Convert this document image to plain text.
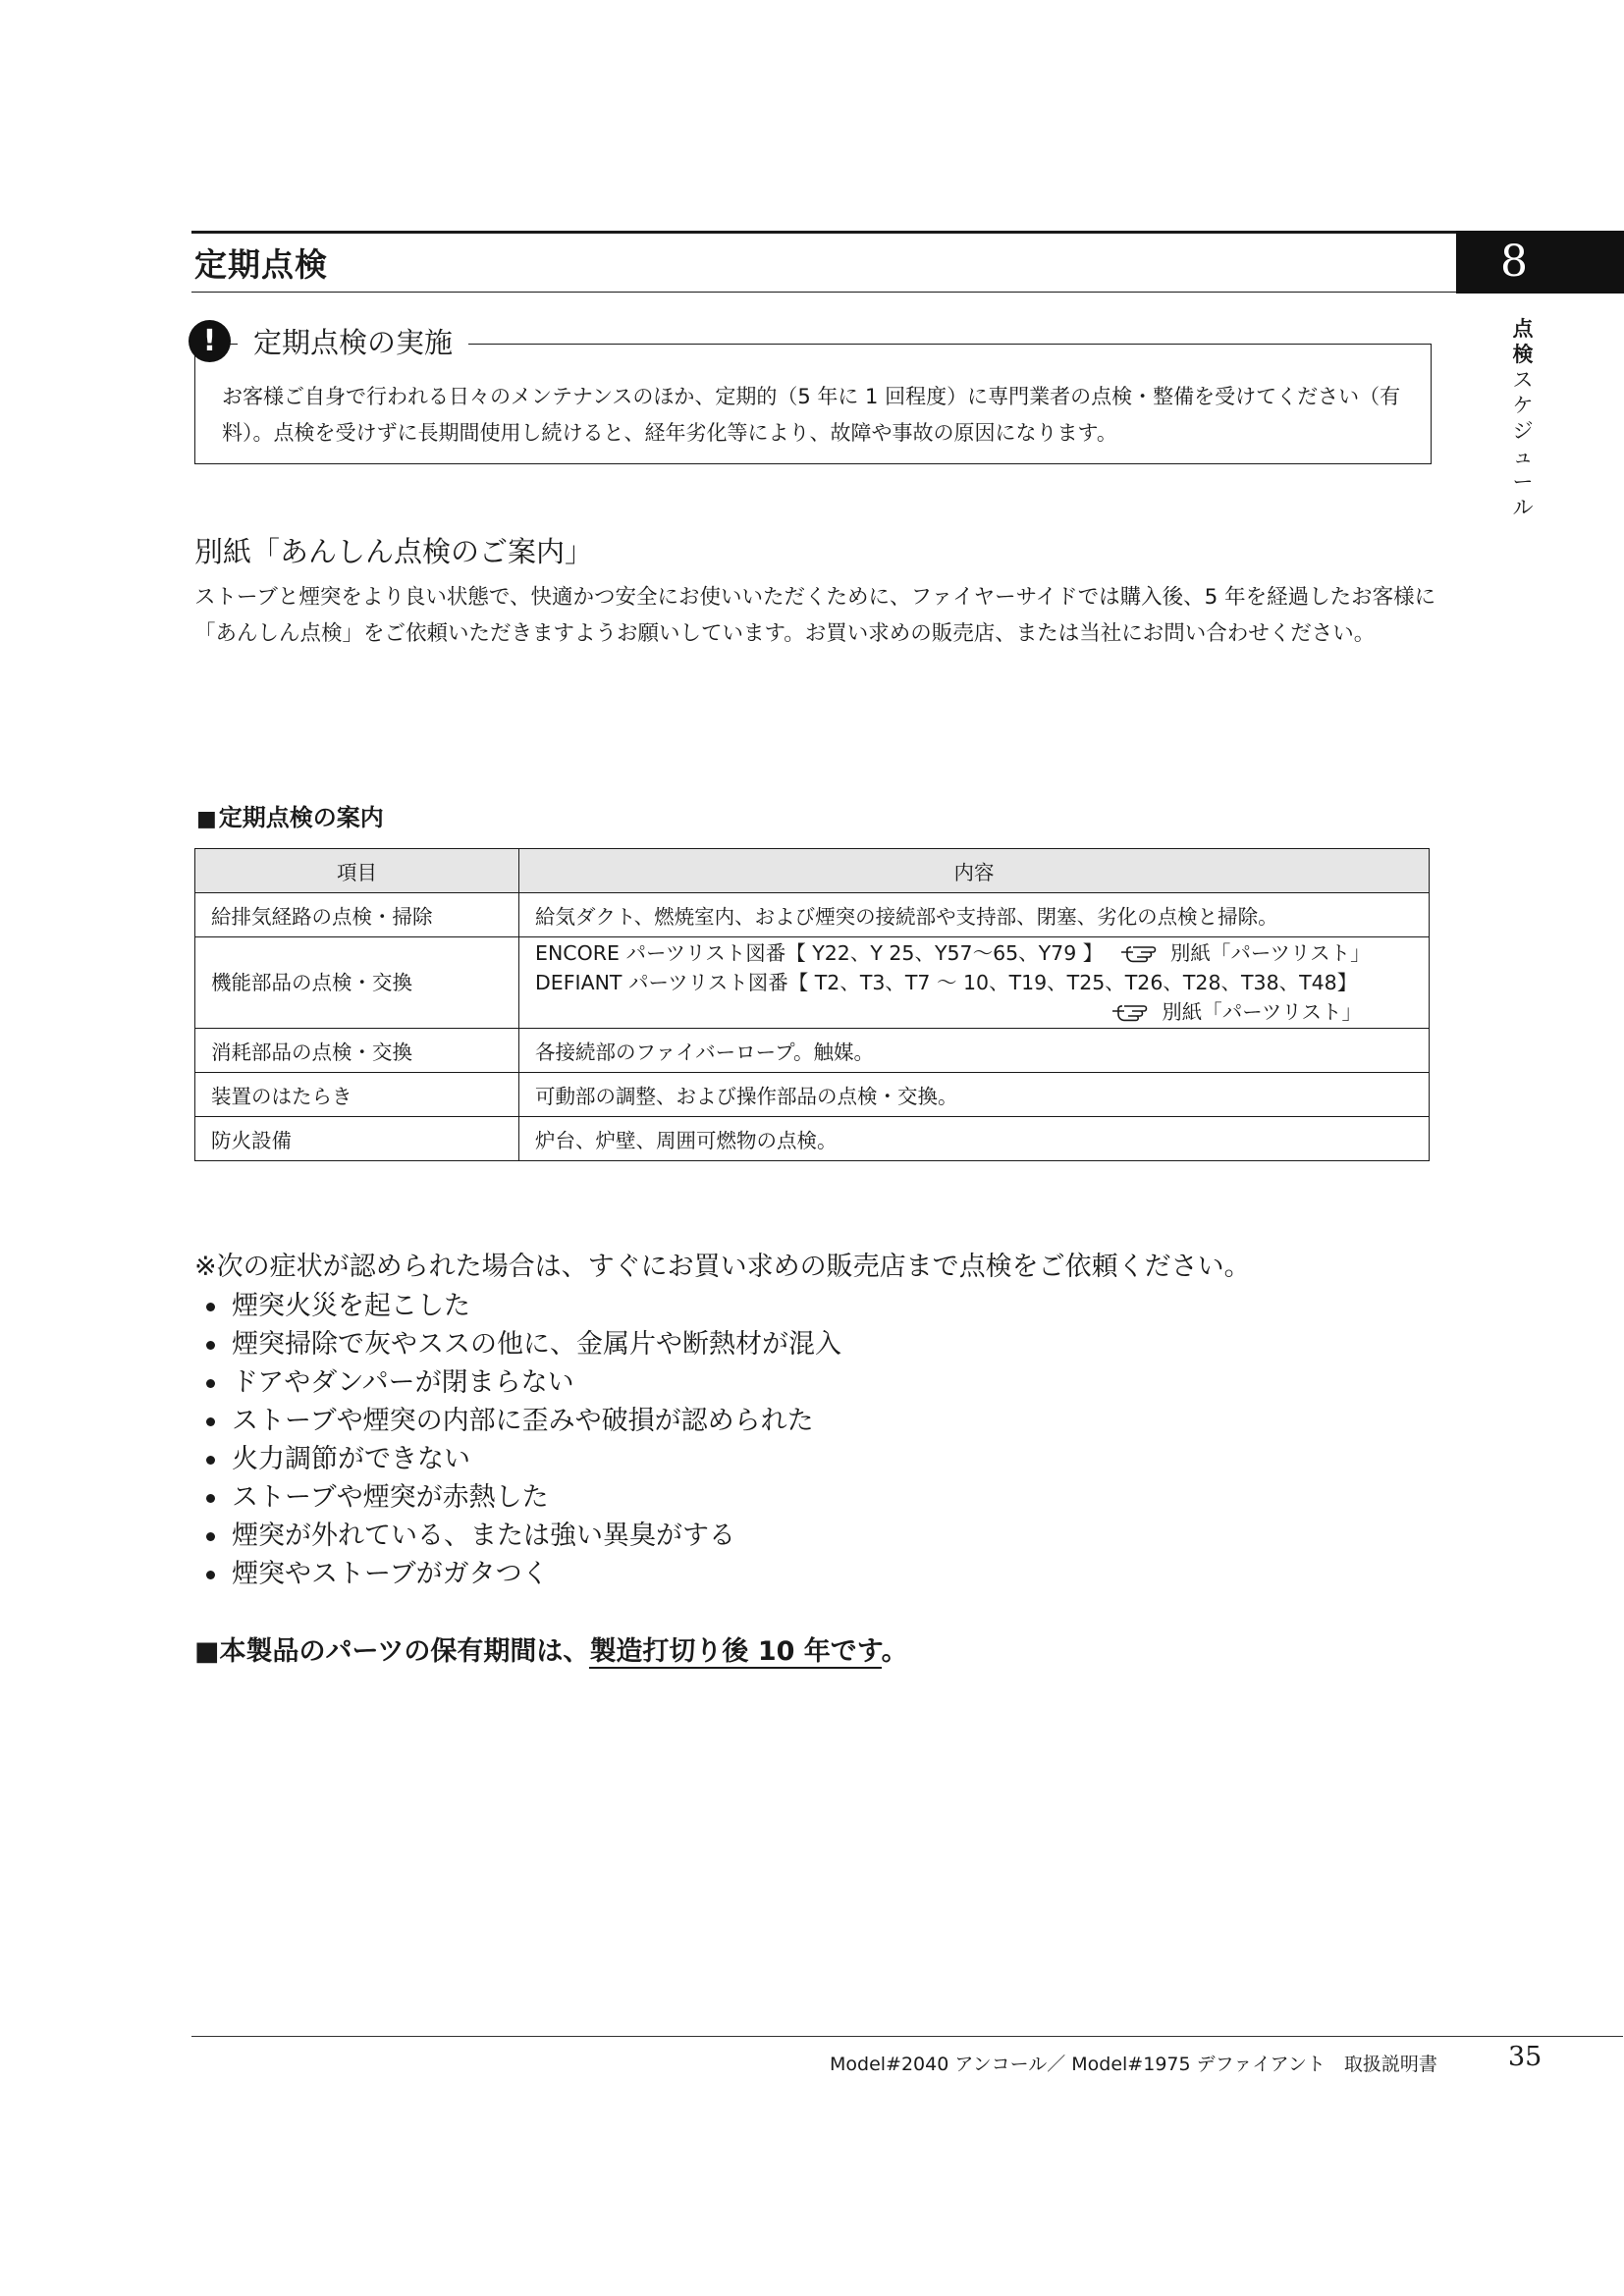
定期点検	8
点検スケジュール
!	定期点検の実施
お客様ご自身で行われる日々のメンテナンスのほか、定期的（5 年に 1 回程度）に専門業者の点検・整備を受けてください（有料）。点検を受けずに長期間使用し続けると、経年劣化等により、故障や事故の原因になります。
別紙「あんしん点検のご案内」
ストーブと煙突をより良い状態で、快適かつ安全にお使いいただくために、ファイヤーサイドでは購入後、5 年を経過したお客様に「あんしん点検」をご依頼いただきますようお願いしています。お買い求めの販売店、または当社にお問い合わせください。
■定期点検の案内
項目	内容
給排気経路の点検・掃除	給気ダクト、燃焼室内、および煙突の接続部や支持部、閉塞、劣化の点検と掃除。
機能部品の点検・交換	ENCORE パーツリスト図番【 Y22、Y 25、Y57～65、Y79 】 別紙「パーツリスト」
DEFIANT パーツリスト図番【 T2、T3、T7 ～ 10、T19、T25、T26、T28、T38、T48】
別紙「パーツリスト」

消耗部品の点検・交換	各接続部のファイバーロープ。触媒。
装置のはたらき	可動部の調整、および操作部品の点検・交換。
防火設備	炉台、炉壁、周囲可燃物の点検。
※次の症状が認められた場合は、すぐにお買い求めの販売店まで点検をご依頼ください。
煙突火災を起こした
煙突掃除で灰やススの他に、金属片や断熱材が混入
ドアやダンパーが閉まらない
ストーブや煙突の内部に歪みや破損が認められた
火力調節ができない
ストーブや煙突が赤熱した
煙突が外れている、または強い異臭がする
煙突やストーブがガタつく
■本製品のパーツの保有期間は、製造打切り後 10 年です。
Model#2040 アンコール／ Model#1975 デファイアント　取扱説明書	35
